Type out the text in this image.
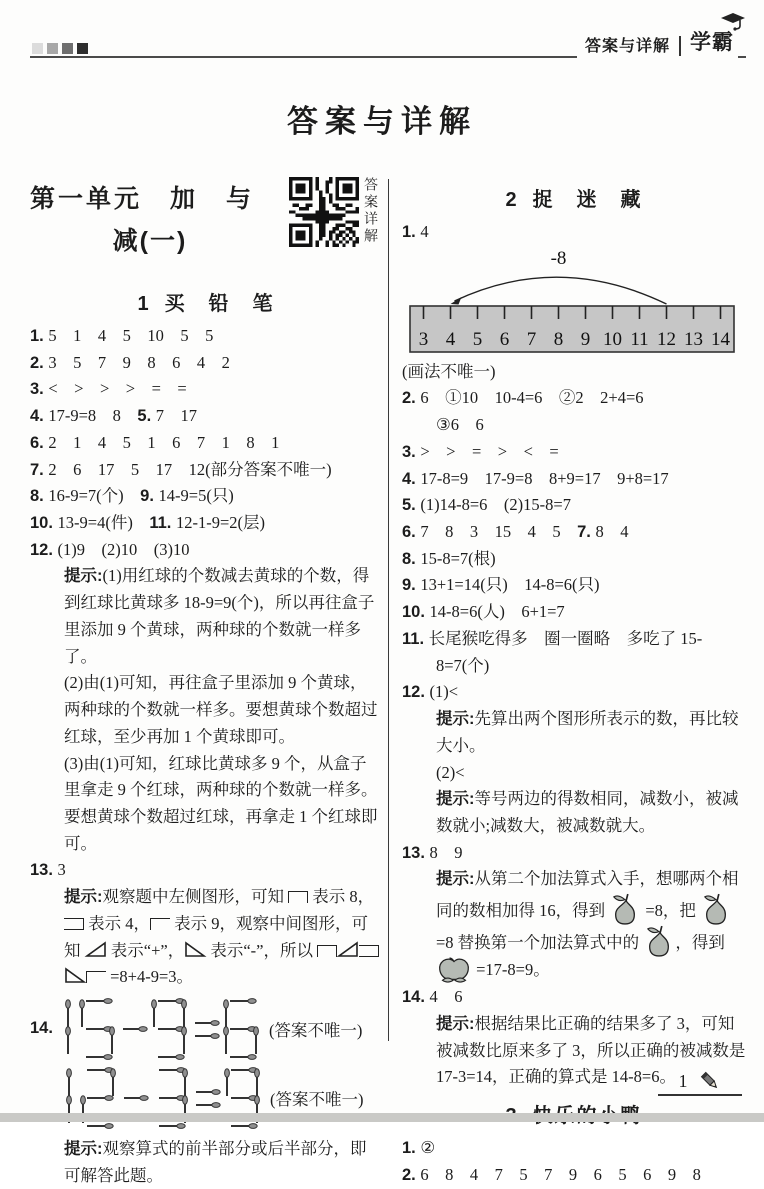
答案与详解 学霸
答案与详解
第一单元　加　与
减(一)	答案详解
1 买　铅　笔
1. 5　1　4　5　10　5　5
2. 3　5　7　9　8　6　4　2
3. <　>　>　>　=　=
4. 17-9=8　8　5. 7　17
6. 2　1　4　5　1　6　7　1　8　1
7. 2　6　17　5　17　12(部分答案不唯一)
8. 16-9=7(个)　9. 14-9=5(只)
10. 13-9=4(件)　11. 12-1-9=2(层)
12. (1)9　(2)10　(3)10
提示:(1)用红球的个数减去黄球的个数，得到红球比黄球多 18-9=9(个)，所以再往盒子里添加 9 个黄球，两种球的个数就一样多了。
(2)由(1)可知，再往盒子里添加 9 个黄球，两种球的个数就一样多。要想黄球个数超过红球，至少再加 1 个黄球即可。
(3)由(1)可知，红球比黄球多 9 个，从盒子里拿走 9 个红球，两种球的个数就一样多。要想黄球个数超过红球，再拿走 1 个红球即可。
13. 3
提示:观察题中左侧图形，可知  表示 8， 表示 4， 表示 9，观察中间图形，可知  表示“+”， 表示“-”，所以  =8+4-9=3。
14.	(答案不唯一)
(答案不唯一)
提示:观察算式的前半部分或后半部分，即可解答此题。
2 捉　迷　藏
1. 4
3 4 5 6 7 8 9 10 11 12 13 14
-8
(画法不唯一)
2. 6　①10　10-4=6　②2　2+4=6
③6　6
3. >　>　=　>　<　=
4. 17-8=9　17-9=8　8+9=17　9+8=17
5. (1)14-8=6　(2)15-8=7
6. 7　8　3　15　4　5　7. 8　4
8. 15-8=7(根)
9. 13+1=14(只)　14-8=6(只)
10. 14-8=6(人)　6+1=7
11. 长尾猴吃得多　圈一圈略　多吃了 15-8=7(个)
12. (1)<
提示:先算出两个图形所表示的数，再比较大小。
(2)<
提示:等号两边的得数相同，减数小，被减数就小;减数大，被减数就大。
13. 8　9
提示:从第二个加法算式入手，想哪两个相同的数相加得 16，得到  =8，把  =8 替换第一个加法算式中的 ，得到  =17-8=9。
14. 4　6
提示:根据结果比正确的结果多了 3，可知被减数比原来多了 3，所以正确的被减数是 17-3=14，正确的算式是 14-8=6。
1. ②
2. 6　8　4　7　5　7　9　6　5　6　9　8
1
